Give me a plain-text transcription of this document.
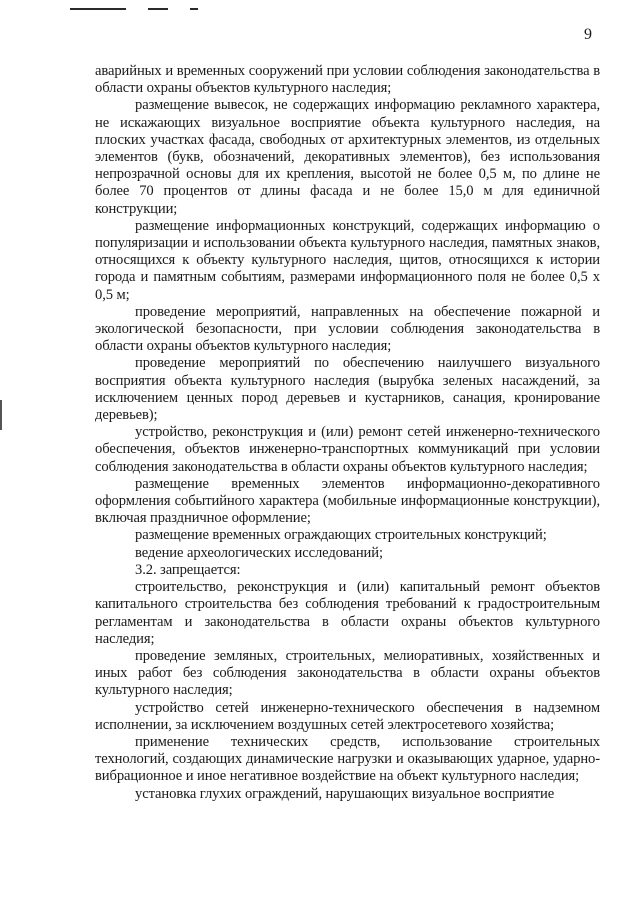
9

аварийных и временных сооружений при условии соблюдения законодательства в области охраны объектов культурного наследия;

размещение вывесок, не содержащих информацию рекламного характера, не искажающих визуальное восприятие объекта культурного наследия, на плоских участках фасада, свободных от архитектурных элементов, из отдельных элементов (букв, обозначений, декоративных элементов), без использования непрозрачной основы для их крепления, высотой не более 0,5 м, по длине не более 70 процентов от длины фасада и не более 15,0 м для единичной конструкции;

размещение информационных конструкций, содержащих информацию о популяризации и использовании объекта культурного наследия, памятных знаков, относящихся к объекту культурного наследия, щитов, относящихся к истории города и памятным событиям, размерами информационного поля не более 0,5 х 0,5 м;

проведение мероприятий, направленных на обеспечение пожарной и экологической безопасности, при условии соблюдения законодательства в области охраны объектов культурного наследия;

проведение мероприятий по обеспечению наилучшего визуального восприятия объекта культурного наследия (вырубка зеленых насаждений, за исключением ценных пород деревьев и кустарников, санация, кронирование деревьев);

устройство, реконструкция и (или) ремонт сетей инженерно-технического обеспечения, объектов инженерно-транспортных коммуникаций при условии соблюдения законодательства в области охраны объектов культурного наследия;

размещение временных элементов информационно-декоративного оформления событийного характера (мобильные информационные конструкции), включая праздничное оформление;

размещение временных ограждающих строительных конструкций;

ведение археологических исследований;

3.2. запрещается:

строительство, реконструкция и (или) капитальный ремонт объектов капитального строительства без соблюдения требований к градостроительным регламентам и законодательства в области охраны объектов культурного наследия;

проведение земляных, строительных, мелиоративных, хозяйственных и иных работ без соблюдения законодательства в области охраны объектов культурного наследия;

устройство сетей инженерно-технического обеспечения в надземном исполнении, за исключением воздушных сетей электросетевого хозяйства;

применение технических средств, использование строительных технологий, создающих динамические нагрузки и оказывающих ударное, ударно-вибрационное и иное негативное воздействие на объект культурного наследия;

установка глухих ограждений, нарушающих визуальное восприятие
